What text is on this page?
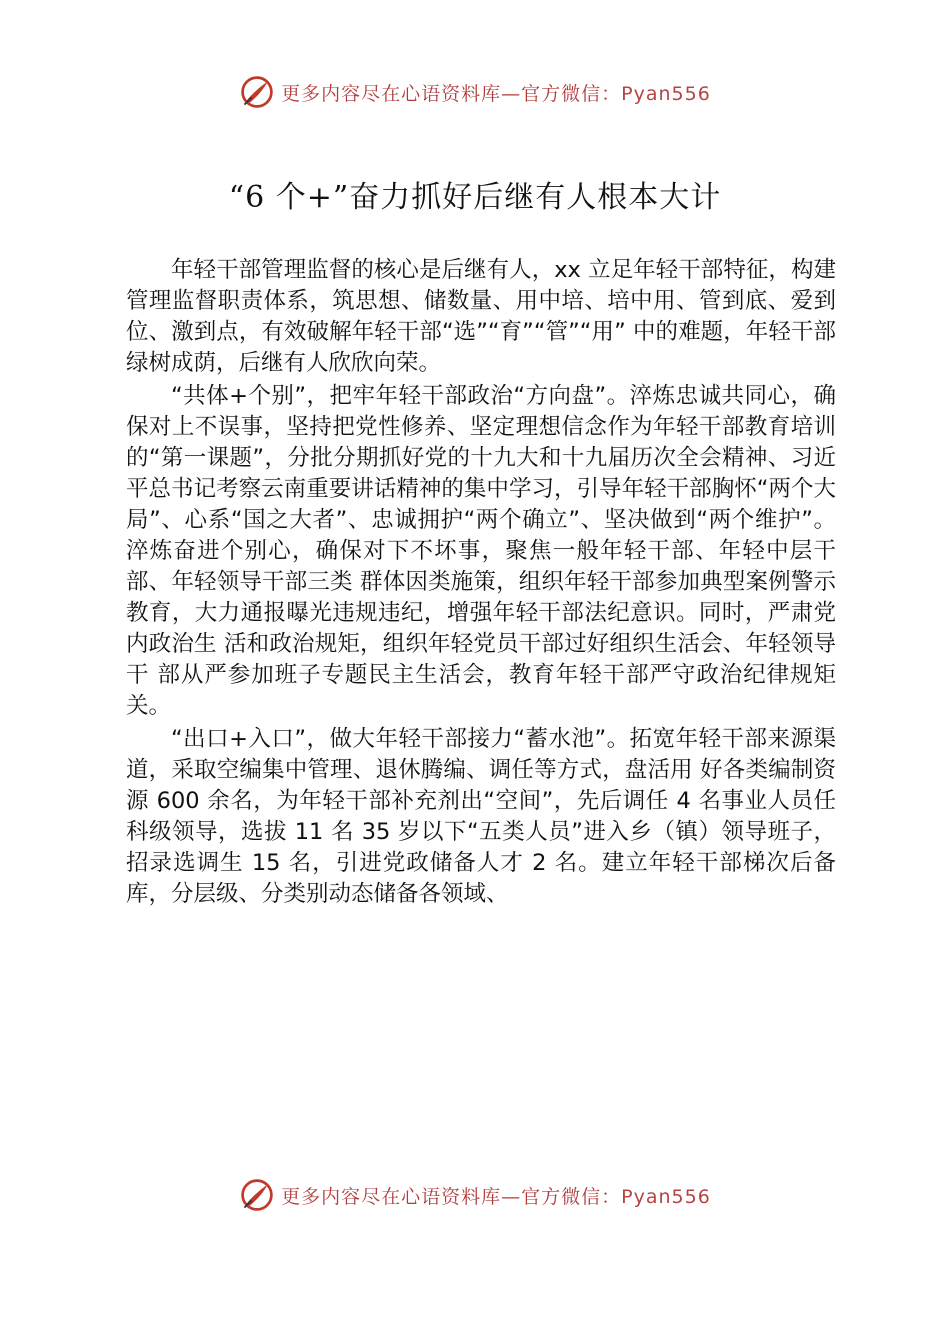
更多内容尽在心语资料库—官方微信：Pyan556
“6 个+”奋力抓好后继有人根本大计

年轻干部管理监督的核心是后继有人，xx 立足年轻干部特征，构建管理监督职责体系，筑思想、储数量、用中培、培中用、管到底、爱到位、激到点，有效破解年轻干部“选”“育”“管”“用” 中的难题，年轻干部绿树成荫，后继有人欣欣向荣。

“共体+个别”，把牢年轻干部政治“方向盘”。淬炼忠诚共同心，确保对上不误事，坚持把党性修养、坚定理想信念作为年轻干部教育培训的“第一课题”，分批分期抓好党的十九大和十九届历次全会精神、习近平总书记考察云南重要讲话精神的集中学习，引导年轻干部胸怀“两个大局”、心系“国之大者”、忠诚拥护“两个确立”、坚决做到“两个维护”。淬炼奋进个别心，确保对下不坏事，聚焦一般年轻干部、年轻中层干部、年轻领导干部三类 群体因类施策，组织年轻干部参加典型案例警示教育，大力通报曝光违规违纪，增强年轻干部法纪意识。同时，严肃党内政治生 活和政治规矩，组织年轻党员干部过好组织生活会、年轻领导干 部从严参加班子专题民主生活会，教育年轻干部严守政治纪律规矩关。

“出口+入口”，做大年轻干部接力“蓄水池”。拓宽年轻干部来源渠道，采取空编集中管理、退休腾编、调任等方式，盘活用 好各类编制资源 600 余名，为年轻干部补充剂出“空间”，先后调任 4 名事业人员任科级领导，选拔 11 名 35 岁以下“五类人员”进入乡（镇）领导班子，招录选调生 15 名，引进党政储备人才 2 名。建立年轻干部梯次后备库，分层级、分类别动态储备各领域、

更多内容尽在心语资料库—官方微信：Pyan556
